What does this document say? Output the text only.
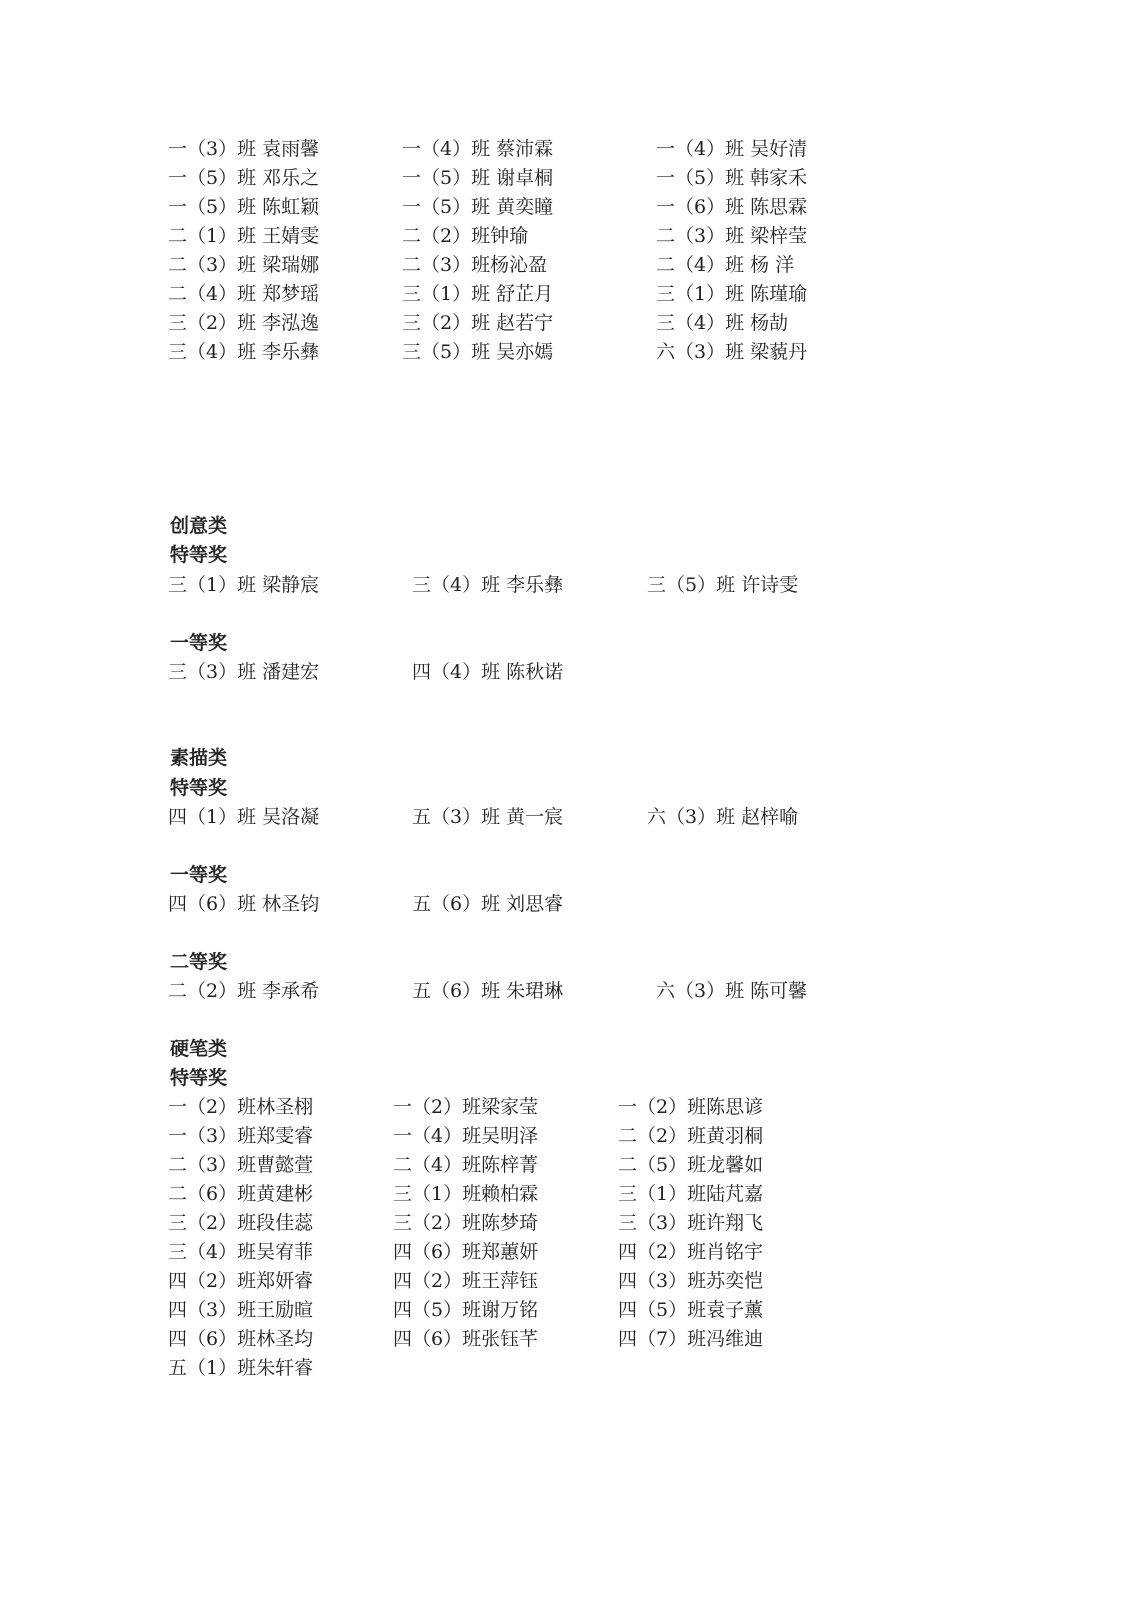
一（3）班 袁雨馨	一（4）班 蔡沛霖	一（4）班 吴好清
一（5）班 邓乐之	一（5）班 谢卓桐	一（5）班 韩家禾
一（5）班 陈虹颖	一（5）班 黄奕瞳	一（6）班 陈思霖
二（1）班 王婧雯	二（2）班钟瑜	二（3）班 梁梓莹
二（3）班 梁瑞娜	二（3）班杨沁盈	二（4）班 杨 洋
二（4）班 郑梦瑶	三（1）班 舒芷月	三（1）班 陈瑾瑜
三（2）班 李泓逸	三（2）班 赵若宁	三（4）班 杨劼
三（4）班 李乐彝	三（5）班 吴亦嫣	六（3）班 梁藐丹
创意类
特等奖
三（1）班 梁静宸	三（4）班 李乐彝	三（5）班 许诗雯
一等奖
三（3）班 潘建宏	四（4）班 陈秋诺
素描类
特等奖
四（1）班 吴洛凝	五（3）班 黄一宸	六（3）班 赵梓喻
一等奖
四（6）班 林圣钧	五（6）班 刘思睿
二等奖
二（2）班 李承希	五（6）班 朱珺琳	六（3）班 陈可馨
硬笔类
特等奖
一（2）班林圣栩	一（2）班梁家莹	一（2）班陈思谚
一（3）班郑雯睿	一（4）班吴明泽	二（2）班黄羽桐
二（3）班曹懿萱	二（4）班陈梓菁	二（5）班龙馨如
二（6）班黄建彬	三（1）班赖柏霖	三（1）班陆芃嘉
三（2）班段佳蕊	三（2）班陈梦琦	三（3）班许翔飞
三（4）班吴宥菲	四（6）班郑蕙妍	四（2）班肖铭宇
四（2）班郑妍睿	四（2）班王萍钰	四（3）班苏奕恺
四（3）班王励暄	四（5）班谢万铭	四（5）班袁子薰
四（6）班林圣均	四（6）班张钰芊	四（7）班冯维迪
五（1）班朱轩睿
